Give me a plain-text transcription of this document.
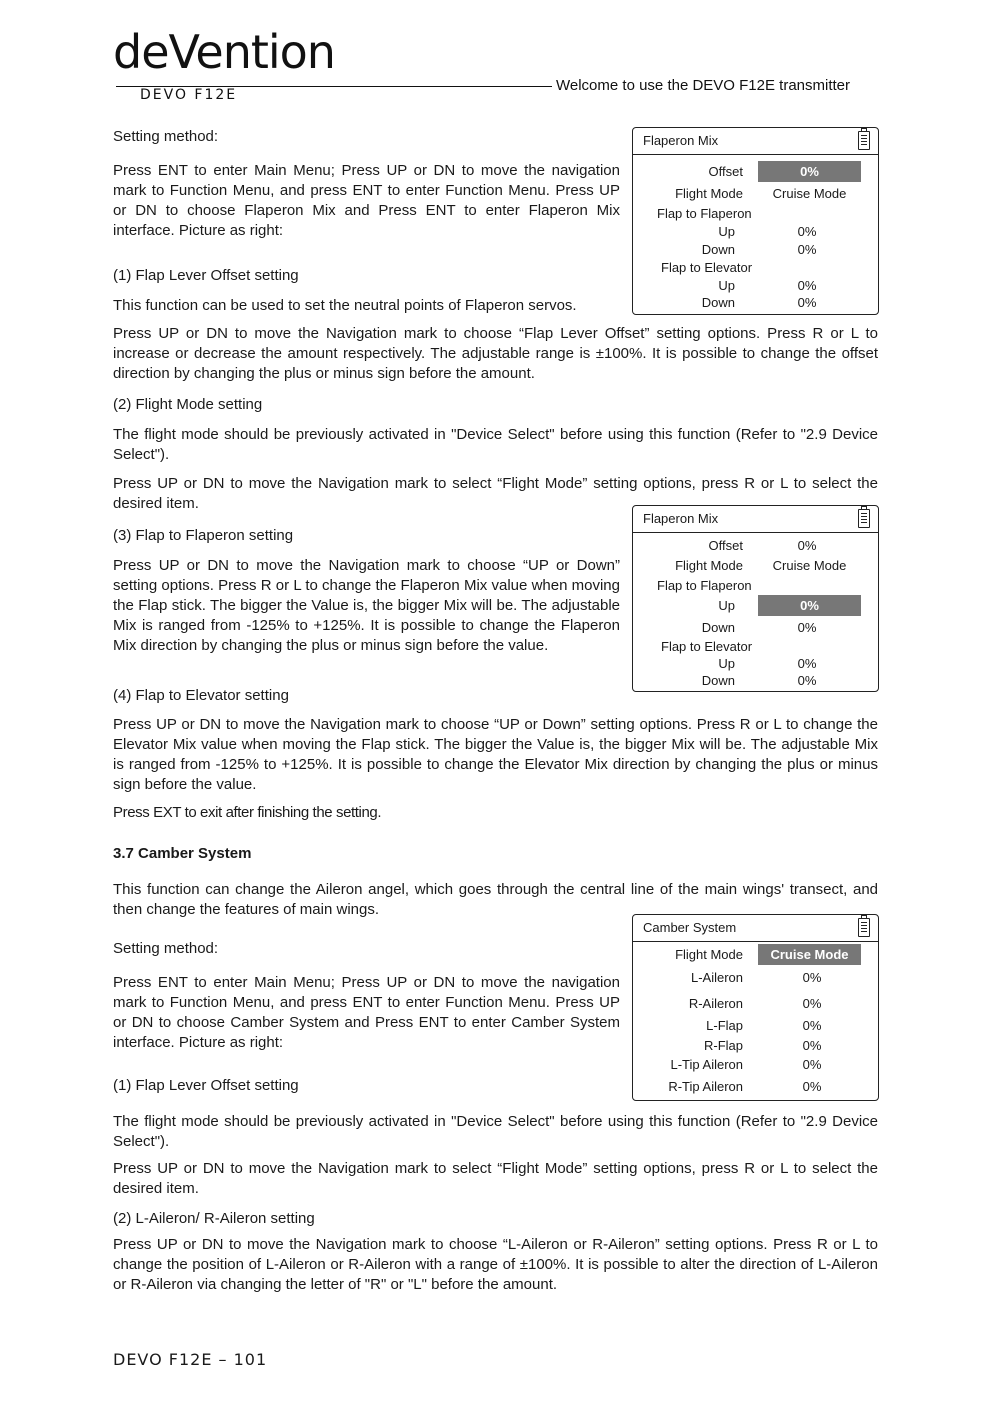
deVention
DEVO F12E
Welcome to use the DEVO F12E transmitter
Setting method:
Press ENT to enter Main Menu; Press UP or DN to move the navigation mark to Function Menu, and press ENT to enter Function Menu. Press UP or DN to choose Flaperon Mix and Press ENT to enter Flaperon Mix interface. Picture as right:
(1) Flap Lever Offset setting
This function can be used to set the neutral points of Flaperon servos.
Press UP or DN to move the Navigation mark to choose “Flap Lever Offset” setting options. Press R or L to increase or decrease the amount respectively. The adjustable range is ±100%. It is possible to change the offset direction by changing the plus or minus sign before the amount.
(2) Flight Mode setting
The flight mode should be previously activated in "Device Select" before using this function (Refer to "2.9 Device Select").
Press UP or DN to move the Navigation mark to select “Flight Mode” setting options, press R or L to select the desired item.
(3) Flap to Flaperon setting
Press UP or DN to move the Navigation mark to choose “UP or Down” setting options. Press R or L to change the Flaperon Mix value when moving the Flap stick. The bigger the Value is, the bigger Mix will be. The adjustable Mix is ranged from -125% to +125%. It is possible to change the Flaperon Mix direction by changing the plus or minus sign before the value.
(4) Flap to Elevator setting
Press UP or DN to move the Navigation mark to choose “UP or Down” setting options. Press R or L to change the Elevator Mix value when moving the Flap stick. The bigger the Value is, the bigger Mix will be. The adjustable Mix is ranged from -125% to +125%. It is possible to change the Elevator Mix direction by changing the plus or minus sign before the value.
Press EXT to exit after finishing the setting.
3.7 Camber System
This function can change the Aileron angel, which goes through the central line of the main wings' transect, and then change the features of main wings.
Setting method:
Press ENT to enter Main Menu; Press UP or DN to move the navigation mark to Function Menu, and press ENT to enter Function Menu. Press UP or DN to choose Camber System and Press ENT to enter Camber System interface. Picture as right:
(1) Flap Lever Offset setting
The flight mode should be previously activated in "Device Select" before using this function (Refer to "2.9 Device Select").
Press UP or DN to move the Navigation mark to select “Flight Mode” setting options, press R or L to select the desired item.
(2) L-Aileron/ R-Aileron setting
Press UP or DN to move the Navigation mark to choose “L-Aileron or R-Aileron” setting options. Press R or L to change the position of L-Aileron or R-Aileron with a range of ±100%. It is possible to alter the direction of L-Aileron or R-Aileron via changing the letter of "R" or "L" before the amount.
Flaperon Mix
Offset	0%
Flight Mode	Cruise Mode
Flap to Flaperon
Up	0%
Down	0%
Flap to Elevator
Up	0%
Down	0%
Flaperon Mix
Offset	0%
Flight Mode	Cruise Mode
Flap to Flaperon
Up	0%
Down	0%
Flap to Elevator
Up	0%
Down	0%
Camber System
Flight Mode	Cruise Mode
L-Aileron	0%
R-Aileron	0%
L-Flap	0%
R-Flap	0%
L-Tip Aileron	0%
R-Tip Aileron	0%
DEVO F12E – 101
